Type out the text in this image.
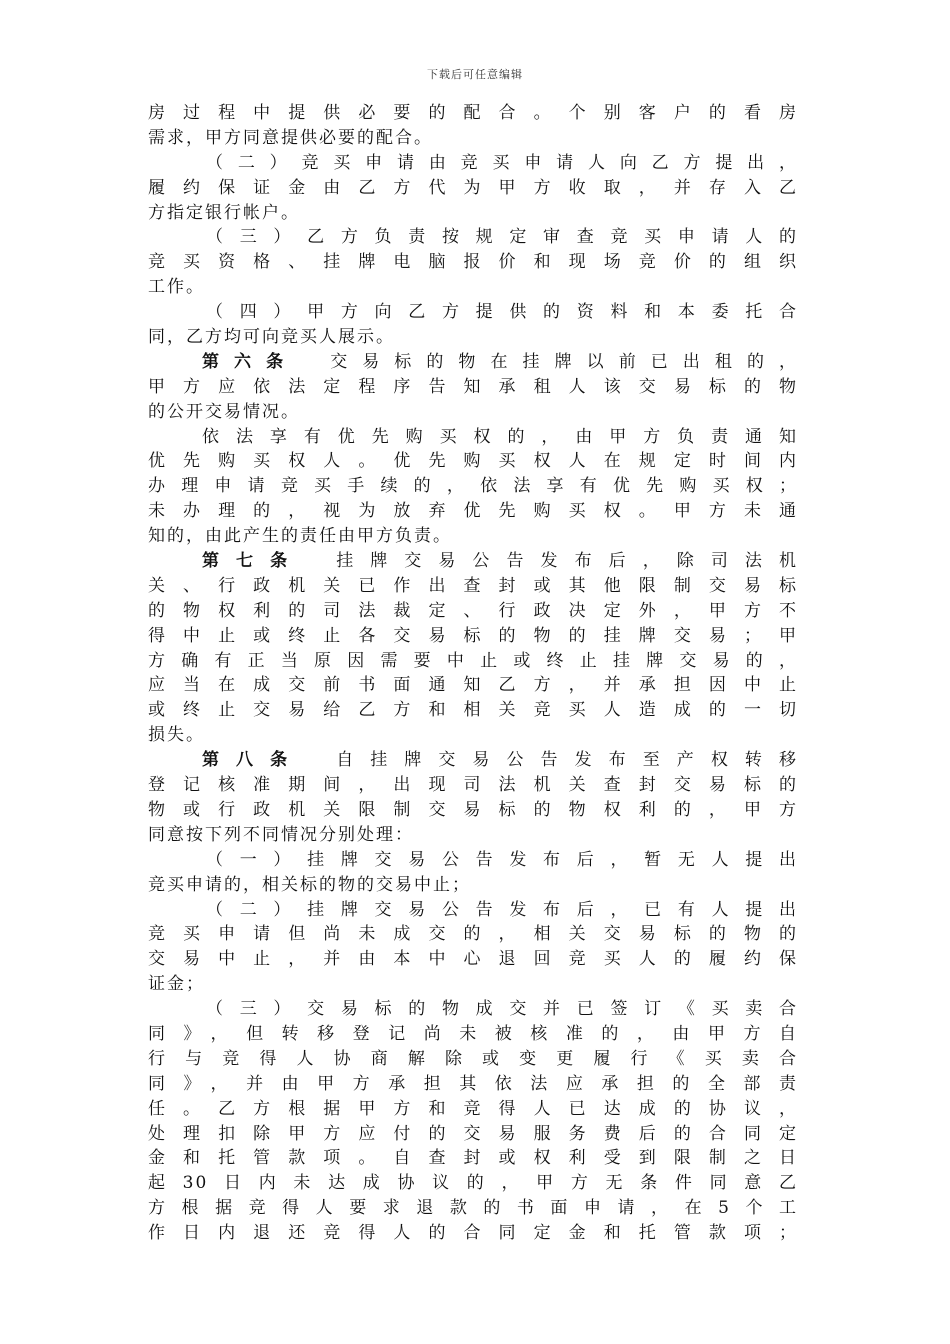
下载后可任意编辑
房过程中提供必要的配合。个别客户的看房
需求，甲方同意提供必要的配合。
（二）竞买申请由竞买申请人向乙方提出，
履约保证金由乙方代为甲方收取，并存入乙
方指定银行帐户。
（三）乙方负责按规定审查竞买申请人的
竞买资格、挂牌电脑报价和现场竞价的组织
工作。
（四）甲方向乙方提供的资料和本委托合
同，乙方均可向竞买人展示。
第六条 交易标的物在挂牌以前已出租的，
甲方应依法定程序告知承租人该交易标的物
的公开交易情况。
依法享有优先购买权的，由甲方负责通知
优先购买权人。优先购买权人在规定时间内
办理申请竞买手续的，依法享有优先购买权；
未办理的，视为放弃优先购买权。甲方未通
知的，由此产生的责任由甲方负责。
第七条 挂牌交易公告发布后，除司法机
关、行政机关已作出查封或其他限制交易标
的物权利的司法裁定、行政决定外，甲方不
得中止或终止各交易标的物的挂牌交易；甲
方确有正当原因需要中止或终止挂牌交易的，
应当在成交前书面通知乙方，并承担因中止
或终止交易给乙方和相关竞买人造成的一切
损失。
第八条 自挂牌交易公告发布至产权转移
登记核准期间，出现司法机关查封交易标的
物或行政机关限制交易标的物权利的，甲方
同意按下列不同情况分别处理：
（一）挂牌交易公告发布后，暂无人提出
竞买申请的，相关标的物的交易中止；
（二）挂牌交易公告发布后，已有人提出
竞买申请但尚未成交的，相关交易标的物的
交易中止，并由本中心退回竞买人的履约保
证金；
（三）交易标的物成交并已签订《买卖合
同》，但转移登记尚未被核准的，由甲方自
行与竞得人协商解除或变更履行《买卖合
同》，并由甲方承担其依法应承担的全部责
任。乙方根据甲方和竞得人已达成的协议，
处理扣除甲方应付的交易服务费后的合同定
金和托管款项。自查封或权利受到限制之日
起30日内未达成协议的，甲方无条件同意乙
方根据竞得人要求退款的书面申请，在5个工
作日内退还竞得人的合同定金和托管款项；
